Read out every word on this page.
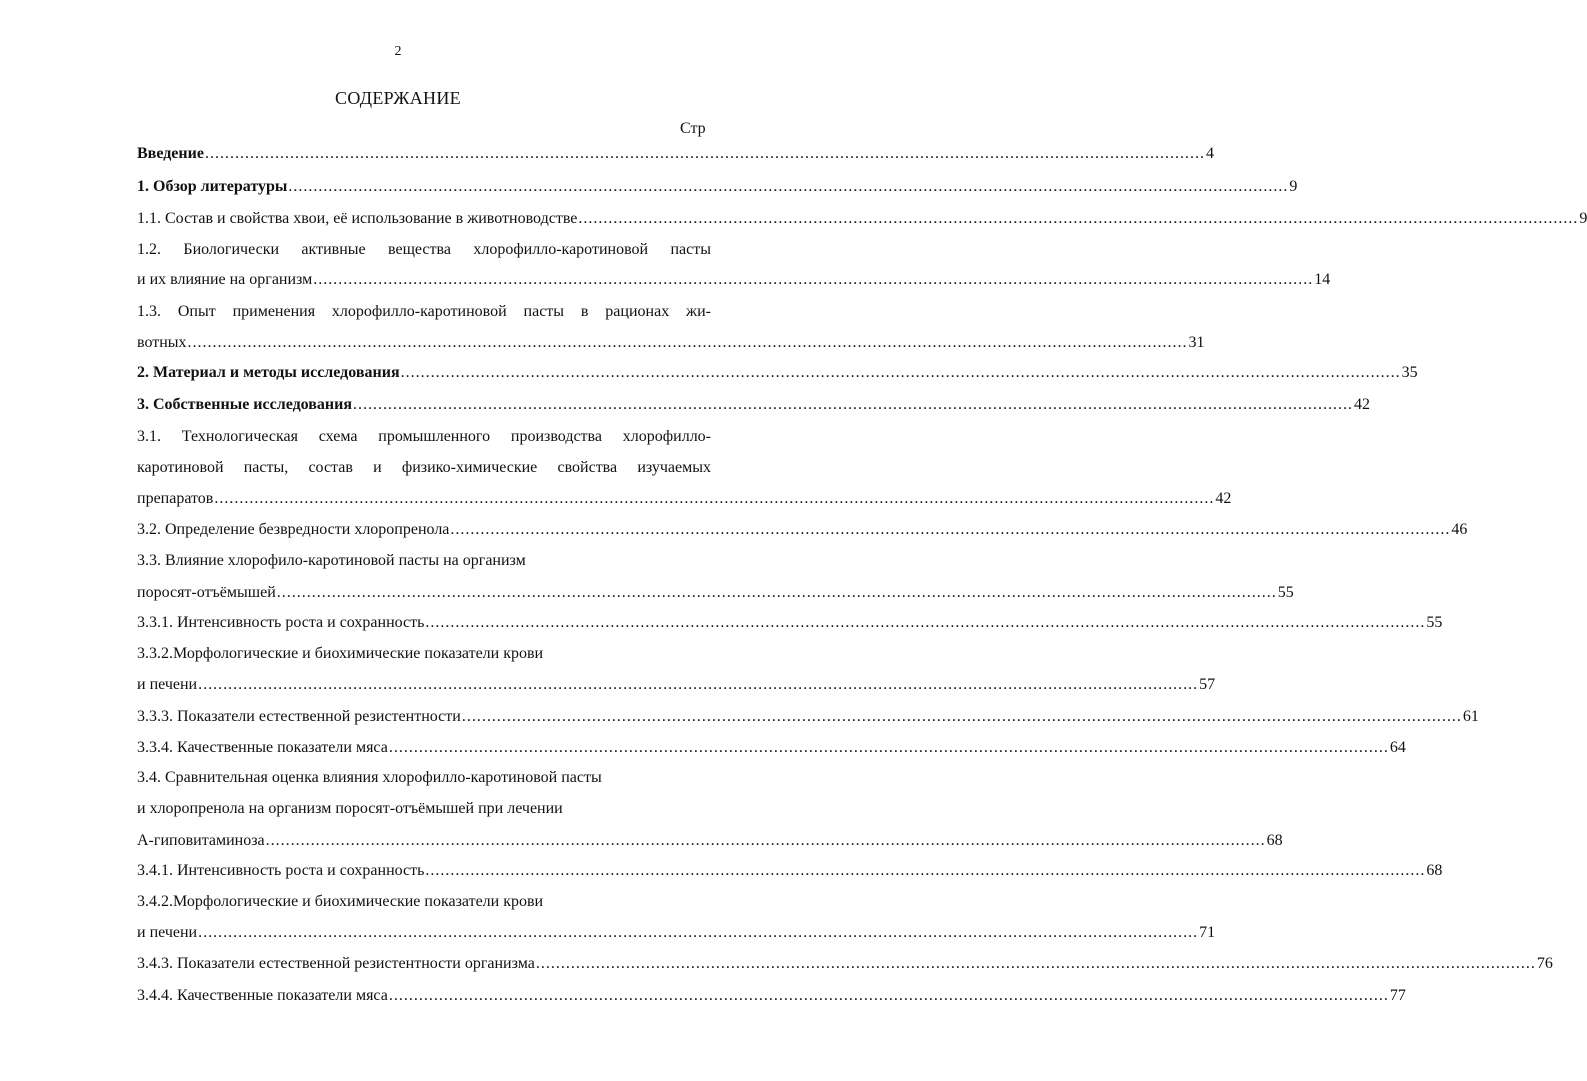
2
СОДЕРЖАНИЕ
Стр
Введение ........................................................................................................................................................................................................ 4
1. Обзор литературы ........................................................................................................................................................................................................ 9
1.1. Состав и свойства хвои, её использование в животноводстве ........................................................................................................................................................................................................ 9
1.2. Биологически активные вещества хлорофилло-каротиновой пасты
и их влияние на организм ........................................................................................................................................................................................................ 14
1.3. Опыт применения хлорофилло-каротиновой пасты в рационах жи-
вотных ........................................................................................................................................................................................................ 31
2. Материал и методы исследования ........................................................................................................................................................................................................ 35
3. Собственные исследования ........................................................................................................................................................................................................ 42
3.1. Технологическая схема промышленного производства хлорофилло-
каротиновой пасты, состав и физико-химические свойства изучаемых
препаратов ........................................................................................................................................................................................................ 42
3.2. Определение безвредности хлоропренола ........................................................................................................................................................................................................ 46
3.3. Влияние хлорофило-каротиновой пасты на организм
поросят-отъёмышей ........................................................................................................................................................................................................ 55
3.3.1. Интенсивность роста и сохранность ........................................................................................................................................................................................................ 55
3.3.2.Морфологические и биохимические показатели крови
и печени ........................................................................................................................................................................................................ 57
3.3.3. Показатели естественной резистентности ........................................................................................................................................................................................................ 61
3.3.4. Качественные показатели мяса ........................................................................................................................................................................................................ 64
3.4. Сравнительная оценка влияния хлорофилло-каротиновой пасты
и хлоропренола на организм поросят-отъёмышей при лечении
А-гиповитаминоза ........................................................................................................................................................................................................ 68
3.4.1. Интенсивность роста и сохранность ........................................................................................................................................................................................................ 68
3.4.2.Морфологические и биохимические показатели крови
и печени ........................................................................................................................................................................................................ 71
3.4.3. Показатели естественной резистентности организма ........................................................................................................................................................................................................ 76
3.4.4. Качественные показатели мяса ........................................................................................................................................................................................................ 77
